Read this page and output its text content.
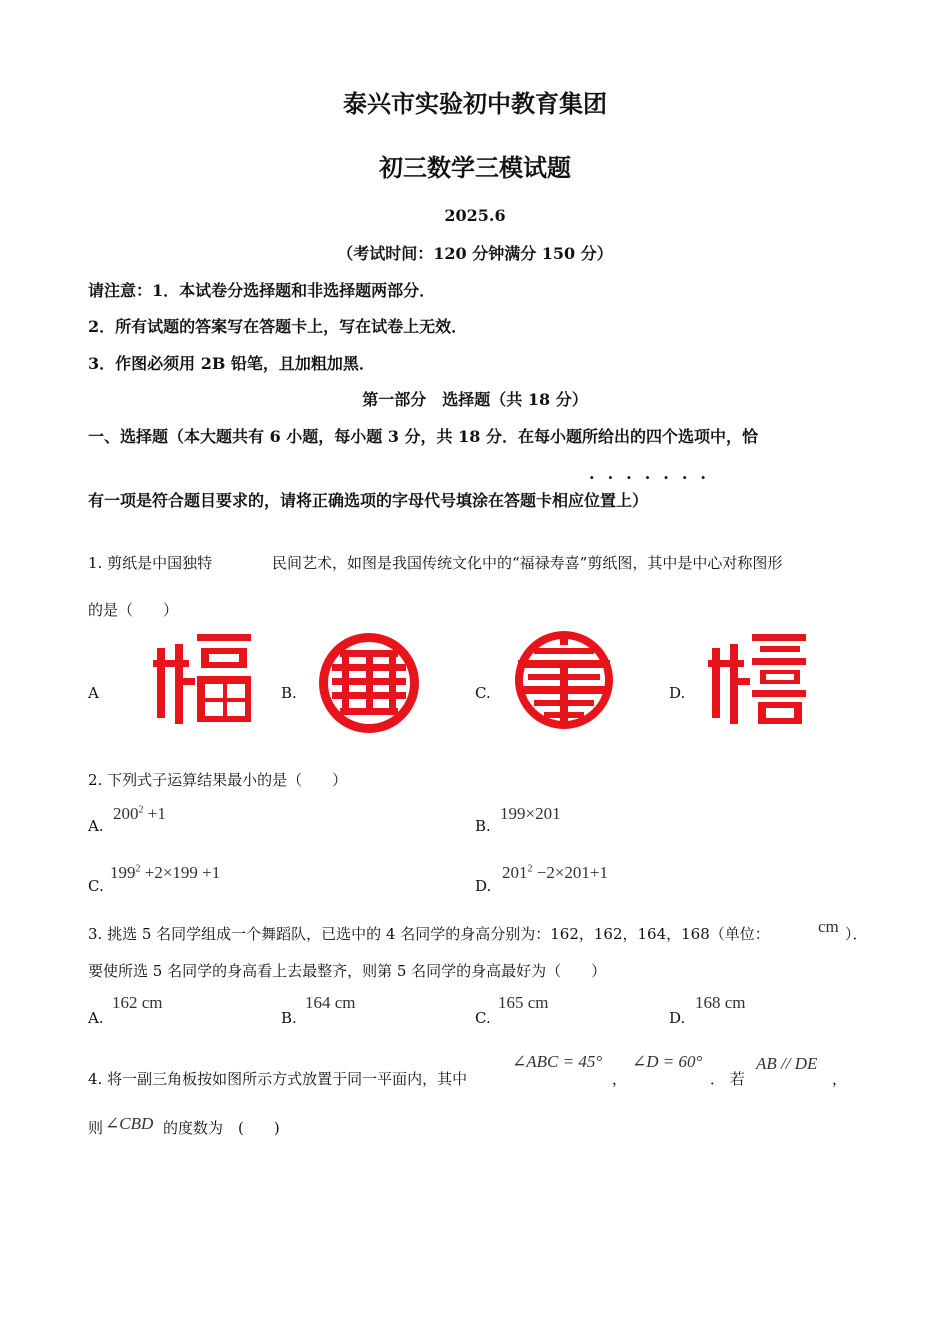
泰兴市实验初中教育集团
初三数学三模试题
2025.6
（考试时间：120 分钟满分 150 分）
请注意：1．本试卷分选择题和非选择题两部分．
2．所有试题的答案写在答题卡上，写在试卷上无效．
3．作图必须用 2B 铅笔，且加粗加黑．
第一部分　选择题（共 18 分）
一、选择题（本大题共有 6 小题，每小题 3 分，共 18 分．在每小题所给出的四个选项中，恰
·······
有一项是符合题目要求的，请将正确选项的字母代号填涂在答题卡相应位置上）
1. 剪纸是中国独特	民间艺术，如图是我国传统文化中的“福禄寿喜”剪纸图，其中是中心对称图形
的是（　　）
A	B.	C.	D.
福
禄
寿	喜
2. 下列式子运算结果最小的是（　　）
A.
$200^2 +1$
B.
199×201
C.
$199^2 +2\times 199 +1$
D.
$201^2 -2\times 201+1$
3. 挑选 5 名同学组成一个舞蹈队，已选中的 4 名同学的身高分别为：162，162，164，168（单位：	cm ）．
要使所选 5 名同学的身高看上去最整齐，则第 5 名同学的身高最好为（　　）
A.
162 cm
B.
164 cm
C.
165 cm
D.
168 cm
4. 将一副三角板按如图所示方式放置于同一平面内，其中
∠ABC = 45°
，
∠D = 60°
． 若
AB // DE
，
则 ∠CBD 的度数为　(　　)
